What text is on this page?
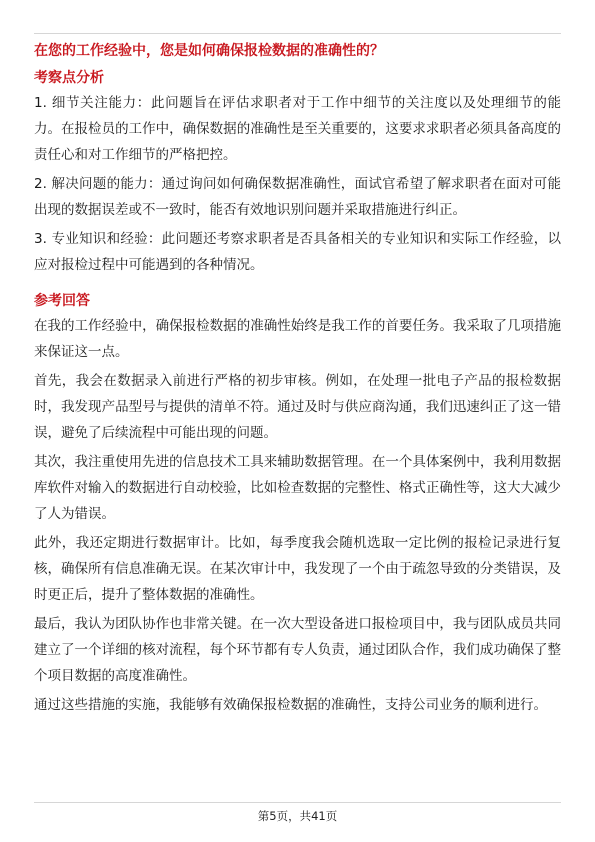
在您的工作经验中，您是如何确保报检数据的准确性的？

考察点分析

1. 细节关注能力：此问题旨在评估求职者对于工作中细节的关注度以及处理细节的能力。在报检员的工作中，确保数据的准确性是至关重要的，这要求求职者必须具备高度的责任心和对工作细节的严格把控。

2. 解决问题的能力：通过询问如何确保数据准确性，面试官希望了解求职者在面对可能出现的数据误差或不一致时，能否有效地识别问题并采取措施进行纠正。

3. 专业知识和经验：此问题还考察求职者是否具备相关的专业知识和实际工作经验，以应对报检过程中可能遇到的各种情况。

参考回答

在我的工作经验中，确保报检数据的准确性始终是我工作的首要任务。我采取了几项措施来保证这一点。

首先，我会在数据录入前进行严格的初步审核。例如，在处理一批电子产品的报检数据时，我发现产品型号与提供的清单不符。通过及时与供应商沟通，我们迅速纠正了这一错误，避免了后续流程中可能出现的问题。

其次，我注重使用先进的信息技术工具来辅助数据管理。在一个具体案例中，我利用数据库软件对输入的数据进行自动校验，比如检查数据的完整性、格式正确性等，这大大减少了人为错误。

此外，我还定期进行数据审计。比如，每季度我会随机选取一定比例的报检记录进行复核，确保所有信息准确无误。在某次审计中，我发现了一个由于疏忽导致的分类错误，及时更正后，提升了整体数据的准确性。

最后，我认为团队协作也非常关键。在一次大型设备进口报检项目中，我与团队成员共同建立了一个详细的核对流程，每个环节都有专人负责，通过团队合作，我们成功确保了整个项目数据的高度准确性。

通过这些措施的实施，我能够有效确保报检数据的准确性，支持公司业务的顺利进行。

第5页，共41页
